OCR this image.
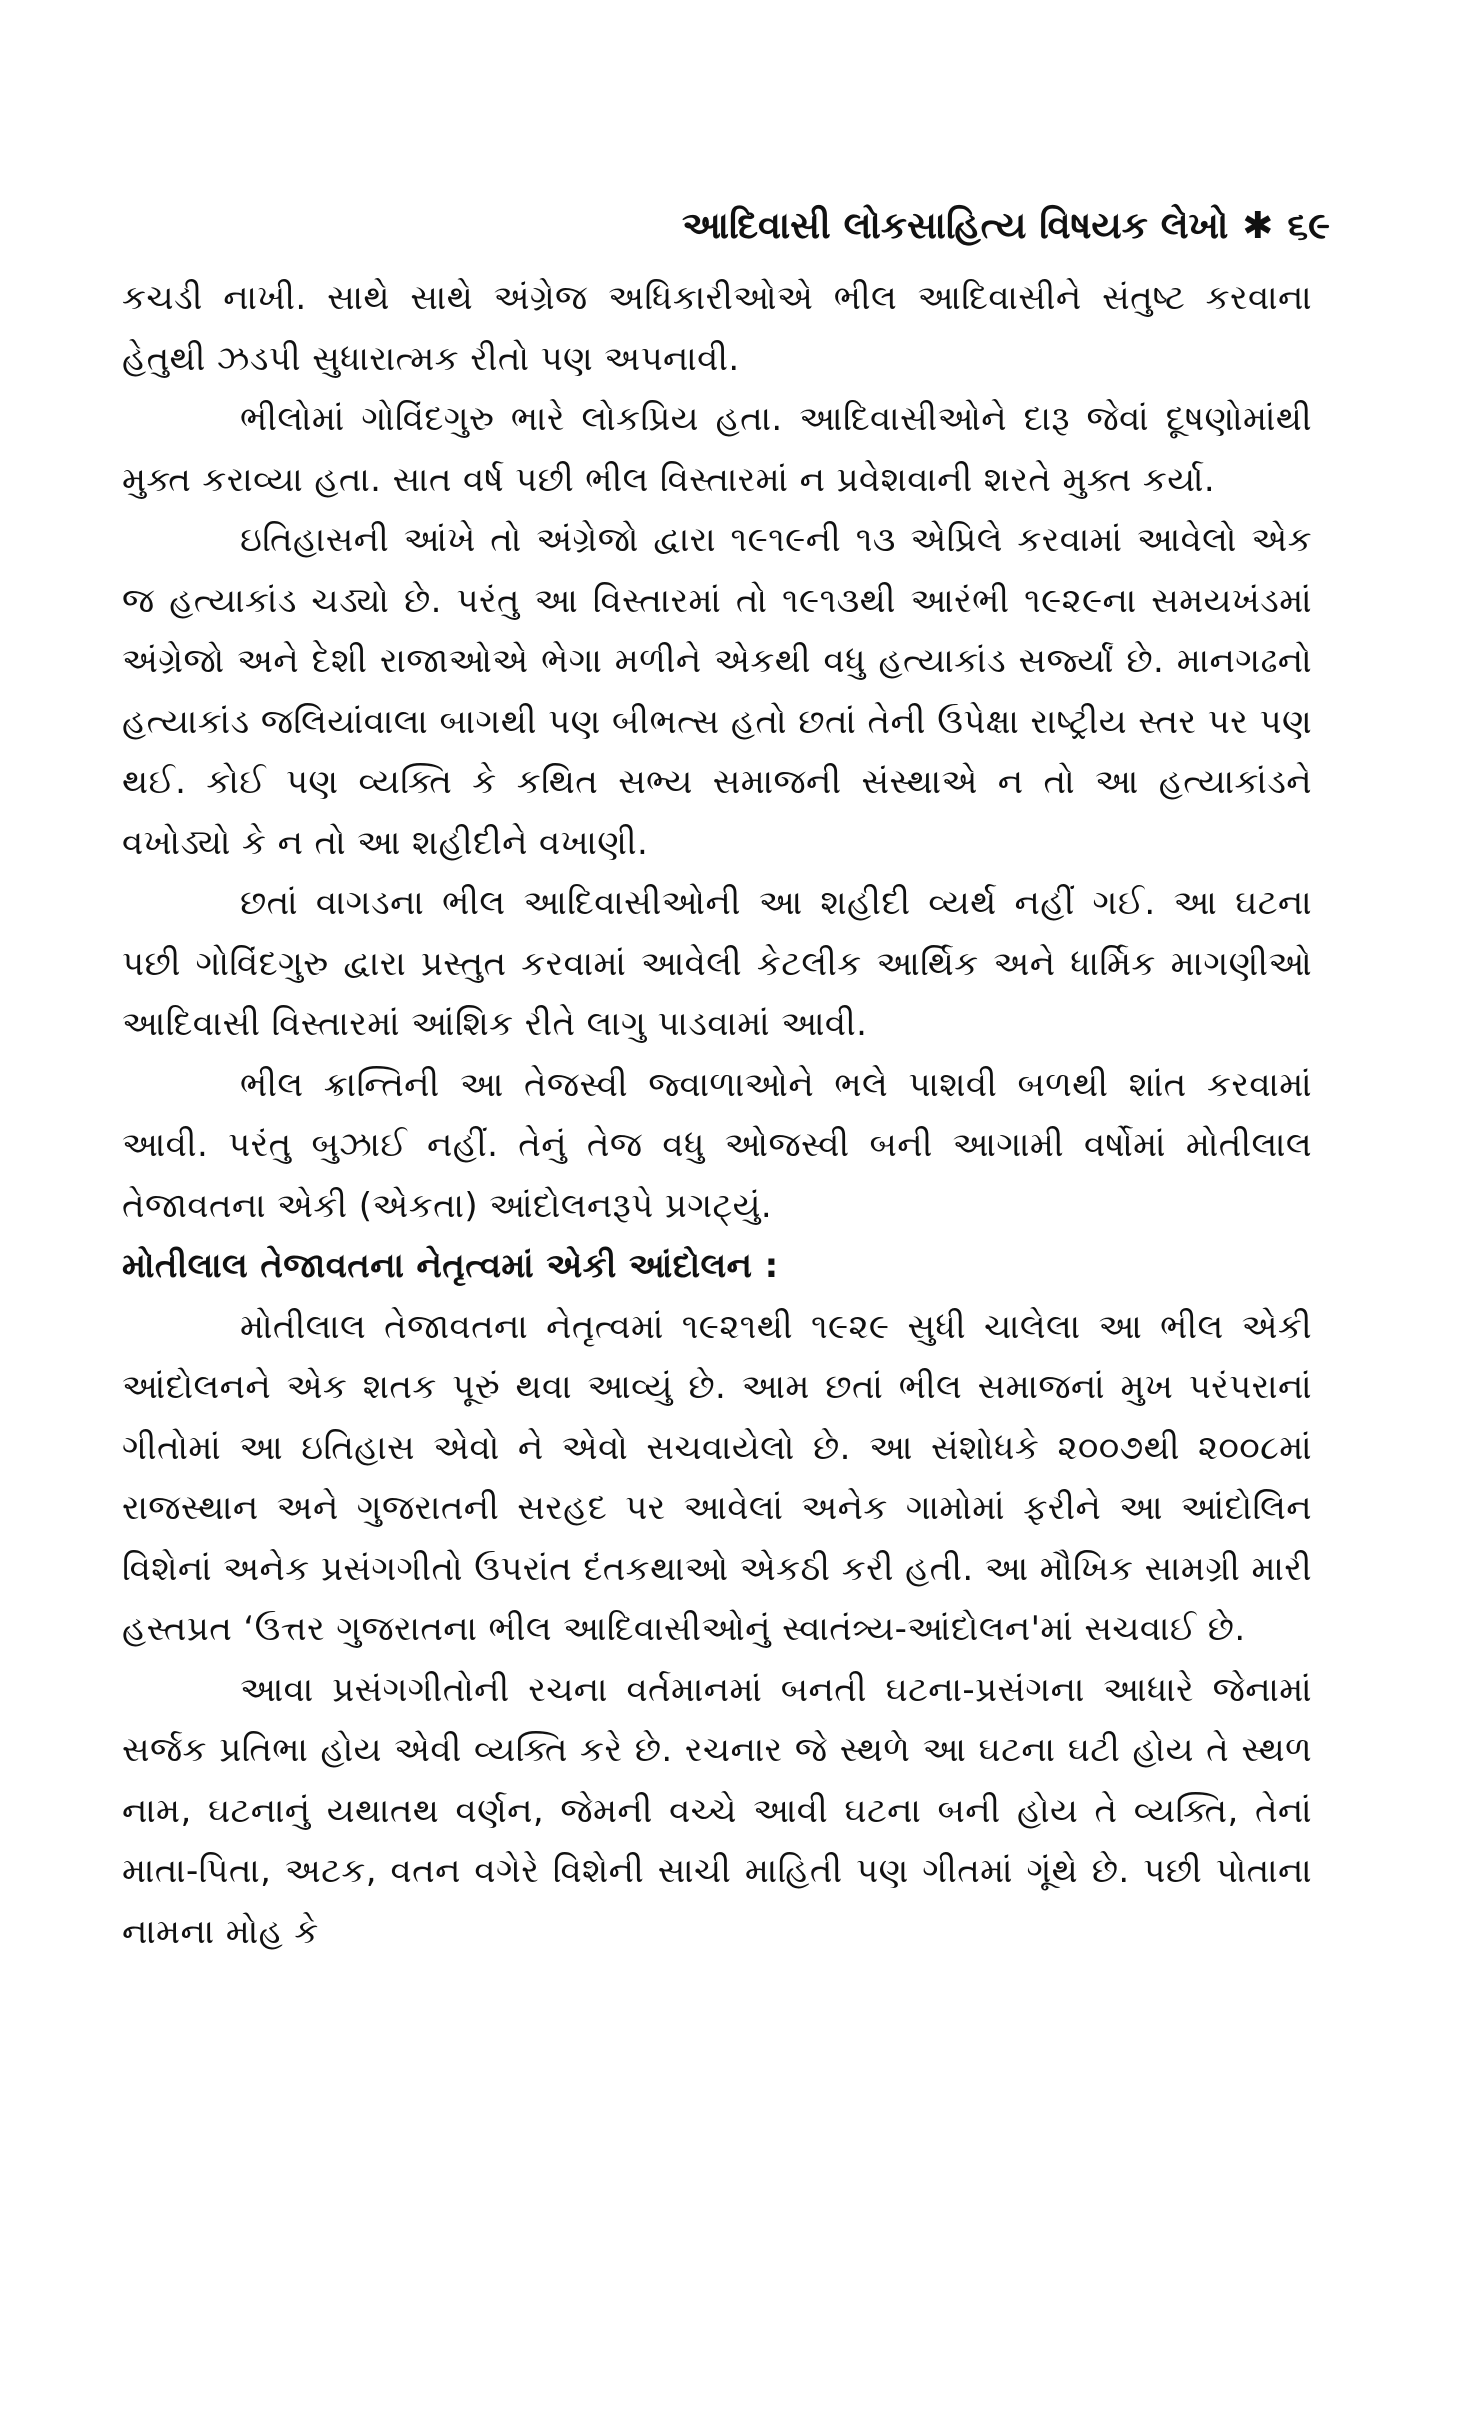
આદિવાસી લોકસાહિત્ય વિષયક લેખો ✱ ૬૯

કચડી નાખી. સાથે સાથે અંગ્રેજ અધિકારીઓએ ભીલ આદિવાસીને સંતુષ્ટ કરવાના હેતુથી ઝડપી સુધારાત્મક રીતો પણ અપનાવી.

ભીલોમાં ગોવિંદગુરુ ભારે લોકપ્રિય હતા. આદિવાસીઓને દારૂ જેવાં દૂષણોમાંથી મુક્ત કરાવ્યા હતા. સાત વર્ષ પછી ભીલ વિસ્તારમાં ન પ્રવેશવાની શરતે મુક્ત કર્યા.

ઇતિહાસની આંખે તો અંગ્રેજો દ્વારા ૧૯૧૯ની ૧૩ એપ્રિલે કરવામાં આવેલો એક જ હત્યાકાંડ ચડ્યો છે. પરંતુ આ વિસ્તારમાં તો ૧૯૧૩થી આરંભી ૧૯૨૯ના સમયખંડમાં અંગ્રેજો અને દેશી રાજાઓએ ભેગા મળીને એકથી વધુ હત્યાકાંડ સર્જ્યાં છે. માનગઢનો હત્યાકાંડ જલિયાંવાલા બાગથી પણ બીભત્સ હતો છતાં તેની ઉપેક્ષા રાષ્ટ્રીય સ્તર પર પણ થઈ. કોઈ પણ વ્યક્તિ કે કથિત સભ્ય સમાજની સંસ્થાએ ન તો આ હત્યાકાંડને વખોડ્યો કે ન તો આ શહીદીને વખાણી.

છતાં વાગડના ભીલ આદિવાસીઓની આ શહીદી વ્યર્થ નહીં ગઈ. આ ઘટના પછી ગોવિંદગુરુ દ્વારા પ્રસ્તુત કરવામાં આવેલી કેટલીક આર્થિક અને ધાર્મિક માગણીઓ આદિવાસી વિસ્તારમાં આંશિક રીતે લાગુ પાડવામાં આવી.

ભીલ ક્રાન્તિની આ તેજસ્વી જ્વાળાઓને ભલે પાશવી બળથી શાંત કરવામાં આવી. પરંતુ બુઝાઈ નહીં. તેનું તેજ વધુ ઓજસ્વી બની આગામી વર્ષોમાં મોતીલાલ તેજાવતના એકી (એકતા) આંદોલનરૂપે પ્રગટ્યું.

મોતીલાલ તેજાવતના નેતૃત્વમાં એકી આંદોલન :

મોતીલાલ તેજાવતના નેતૃત્વમાં ૧૯૨૧થી ૧૯૨૯ સુધી ચાલેલા આ ભીલ એકી આંદોલનને એક શતક પૂરું થવા આવ્યું છે. આમ છતાં ભીલ સમાજનાં મુખ પરંપરાનાં ગીતોમાં આ ઇતિહાસ એવો ને એવો સચવાયેલો છે. આ સંશોધકે ૨૦૦૭થી ૨૦૦૮માં રાજસ્થાન અને ગુજરાતની સરહદ પર આવેલાં અનેક ગામોમાં ફરીને આ આંદોલિન વિશેનાં અનેક પ્રસંગગીતો ઉપરાંત દંતકથાઓ એકઠી કરી હતી. આ મૌખિક સામગ્રી મારી હસ્તપ્રત ‘ઉત્તર ગુજરાતના ભીલ આદિવાસીઓનું સ્વાતંત્ર્ય-આંદોલન'માં સચવાઈ છે.

આવા પ્રસંગગીતોની રચના વર્તમાનમાં બનતી ઘટના-પ્રસંગના આધારે જેનામાં સર્જક પ્રતિભા હોય એવી વ્યક્તિ કરે છે. રચનાર જે સ્થળે આ ઘટના ઘટી હોય તે સ્થળ નામ, ઘટનાનું યથાતથ વર્ણન, જેમની વચ્ચે આવી ઘટના બની હોય તે વ્યક્તિ, તેનાં માતા-પિતા, અટક, વતન વગેરે વિશેની સાચી માહિતી પણ ગીતમાં ગૂંથે છે. પછી પોતાના નામના મોહ કે
